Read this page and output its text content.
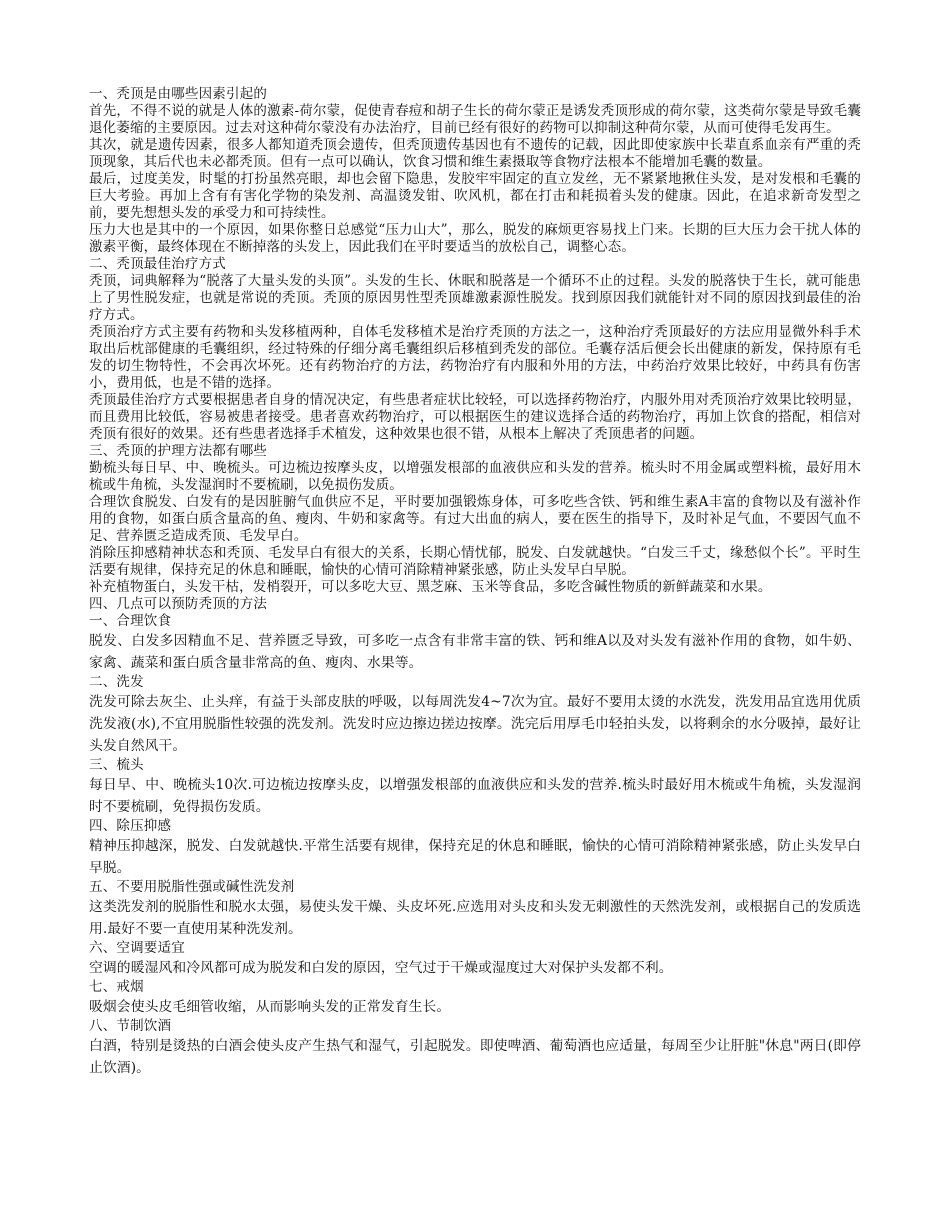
一、秃顶是由哪些因素引起的

首先，不得不说的就是人体的激素-荷尔蒙，促使青春痘和胡子生长的荷尔蒙正是诱发秃顶形成的荷尔蒙，这类荷尔蒙是导致毛囊退化萎缩的主要原因。过去对这种荷尔蒙没有办法治疗，目前已经有很好的药物可以抑制这种荷尔蒙，从而可使得毛发再生。

其次，就是遗传因素，很多人都知道秃顶会遗传，但秃顶遗传基因也有不遗传的记载，因此即使家族中长辈直系血亲有严重的秃顶现象，其后代也未必都秃顶。但有一点可以确认，饮食习惯和维生素摄取等食物疗法根本不能增加毛囊的数量。

最后，过度美发，时髦的打扮虽然亮眼，却也会留下隐患，发胶牢牢固定的直立发丝，无不紧紧地揪住头发，是对发根和毛囊的巨大考验。再加上含有有害化学物的染发剂、高温烫发钳、吹风机，都在打击和耗损着头发的健康。因此，在追求新奇发型之前，要先想想头发的承受力和可持续性。

压力大也是其中的一个原因，如果你整日总感觉“压力山大”，那么，脱发的麻烦更容易找上门来。长期的巨大压力会干扰人体的激素平衡，最终体现在不断掉落的头发上，因此我们在平时要适当的放松自己，调整心态。

二、秃顶最佳治疗方式

秃顶，词典解释为“脱落了大量头发的头顶”。头发的生长、休眠和脱落是一个循环不止的过程。头发的脱落快于生长，就可能患上了男性脱发症，也就是常说的秃顶。秃顶的原因男性型秃顶雄激素源性脱发。找到原因我们就能针对不同的原因找到最佳的治疗方式。

秃顶治疗方式主要有药物和头发移植两种，自体毛发移植术是治疗秃顶的方法之一，这种治疗秃顶最好的方法应用显微外科手术取出后枕部健康的毛囊组织，经过特殊的仔细分离毛囊组织后移植到秃发的部位。毛囊存活后便会长出健康的新发，保持原有毛发的切生物特性，不会再次坏死。还有药物治疗的方法，药物治疗有内服和外用的方法，中药治疗效果比较好，中药具有伤害小，费用低，也是不错的选择。

秃顶最佳治疗方式要根据患者自身的情况决定，有些患者症状比较轻，可以选择药物治疗，内服外用对秃顶治疗效果比较明显，而且费用比较低，容易被患者接受。患者喜欢药物治疗，可以根据医生的建议选择合适的药物治疗，再加上饮食的搭配，相信对秃顶有很好的效果。还有些患者选择手术植发，这种效果也很不错，从根本上解决了秃顶患者的问题。

三、秃顶的护理方法都有哪些

勤梳头每日早、中、晚梳头。可边梳边按摩头皮，以增强发根部的血液供应和头发的营养。梳头时不用金属或塑料梳，最好用木梳或牛角梳，头发湿润时不要梳刷，以免损伤发质。

合理饮食脱发、白发有的是因脏腑气血供应不足，平时要加强锻炼身体，可多吃些含铁、钙和维生素A丰富的食物以及有滋补作用的食物，如蛋白质含量高的鱼、瘦肉、牛奶和家禽等。有过大出血的病人，要在医生的指导下，及时补足气血，不要因气血不足、营养匮乏造成秃顶、毛发早白。

消除压抑感精神状态和秃顶、毛发早白有很大的关系，长期心情忧郁，脱发、白发就越快。“白发三千丈，缘愁似个长”。平时生活要有规律，保持充足的休息和睡眠，愉快的心情可消除精神紧张感，防止头发早白早脱。

补充植物蛋白，头发干枯，发梢裂开，可以多吃大豆、黑芝麻、玉米等食品，多吃含碱性物质的新鲜蔬菜和水果。

四、几点可以预防秃顶的方法

一、合理饮食

脱发、白发多因精血不足、营养匮乏导致，可多吃一点含有非常丰富的铁、钙和维A以及对头发有滋补作用的食物，如牛奶、家禽、蔬菜和蛋白质含量非常高的鱼、瘦肉、水果等。

二、洗发

洗发可除去灰尘、止头痒，有益于头部皮肤的呼吸，以每周洗发4~7次为宜。最好不要用太烫的水洗发，洗发用品宜选用优质洗发液(水),不宜用脱脂性较强的洗发剂。洗发时应边擦边搓边按摩。洗完后用厚毛巾轻拍头发，以将剩余的水分吸掉，最好让头发自然风干。

三、梳头

每日早、中、晚梳头10次.可边梳边按摩头皮，以增强发根部的血液供应和头发的营养.梳头时最好用木梳或牛角梳，头发湿润时不要梳刷，免得损伤发质。

四、除压抑感

精神压抑越深，脱发、白发就越快.平常生活要有规律，保持充足的休息和睡眠，愉快的心情可消除精神紧张感，防止头发早白早脱。

五、不要用脱脂性强或碱性洗发剂

这类洗发剂的脱脂性和脱水太强，易使头发干燥、头皮坏死.应选用对头皮和头发无刺激性的天然洗发剂，或根据自己的发质选用.最好不要一直使用某种洗发剂。

六、空调要适宜

空调的暖湿风和冷风都可成为脱发和白发的原因，空气过于干燥或湿度过大对保护头发都不利。

七、戒烟

吸烟会使头皮毛细管收缩，从而影响头发的正常发育生长。

八、节制饮酒

白酒，特别是烫热的白酒会使头皮产生热气和湿气，引起脱发。即使啤酒、葡萄酒也应适量，每周至少让肝脏"休息"两日(即停止饮酒)。
